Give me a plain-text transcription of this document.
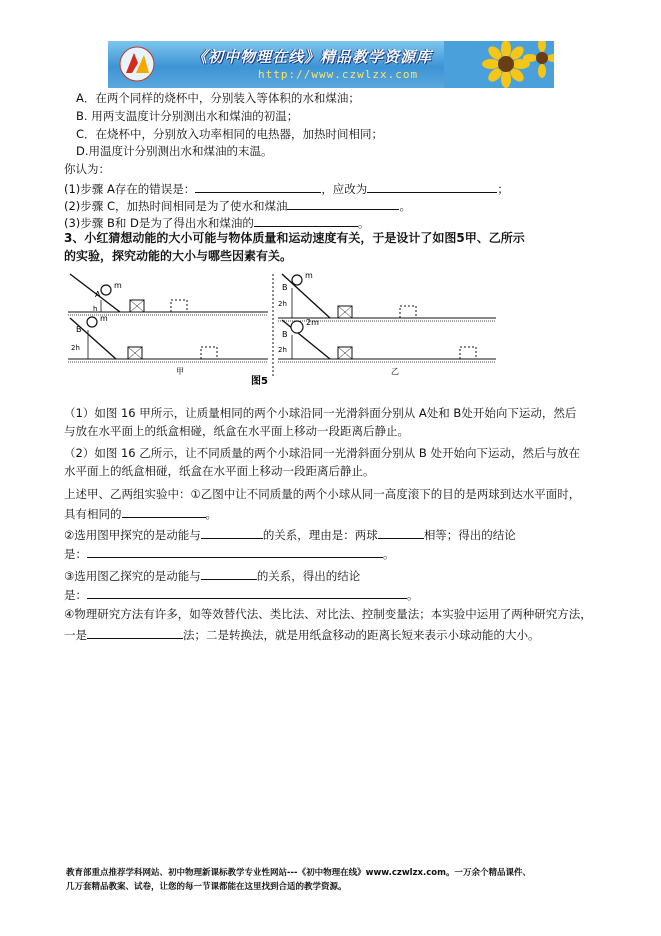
《初中物理在线》精品教学资源库
http://www.czwlzx.com
A．在两个同样的烧杯中，分别装入等体积的水和煤油；
B. 用两支温度计分别测出水和煤油的初温；
C．在烧杯中，分别放入功率相同的电热器，加热时间相同；
D.用温度计分别测出水和煤油的末温。
你认为：
(1)步骤 A存在的错误是：	，应改为	；
(2)步骤 C，加热时间相同是为了使水和煤油	。
(3)步骤 B和 D是为了得出水和煤油的	。
3、小红猜想动能的大小可能与物体质量和运动速度有关，于是设计了如图5甲、乙所示
的实验，探究动能的大小与哪些因素有关。
m
A
h
m
B
2h
甲
m
B
2h
2m
B
2h
乙
图5
（1）如图 16 甲所示，让质量相同的两个小球沿同一光滑斜面分别从 A处和 B处开始向下运动，然后
与放在水平面上的纸盒相碰，纸盒在水平面上移动一段距离后静止。
（2）如图 16 乙所示，让不同质量的两个小球沿同一光滑斜面分别从 B 处开始向下运动，然后与放在
水平面上的纸盒相碰，纸盒在水平面上移动一段距离后静止。
上述甲、乙两组实验中：①乙图中让不同质量的两个小球从同一高度滚下的目的是两球到达水平面时，
具有相同的	。
②选用图甲探究的是动能与	的关系，理由是：两球	相等；得出的结论
是：	。
③选用图乙探究的是动能与	的关系，得出的结论
是：	。
④物理研究方法有许多，如等效替代法、类比法、对比法、控制变量法；本实验中运用了两种研究方法，
一是	法；二是转换法，就是用纸盒移动的距离长短来表示小球动能的大小。
教育部重点推荐学科网站、初中物理新课标教学专业性网站---《初中物理在线》www.czwlzx.com。一万余个精品课件、
几万套精品教案、试卷，让您的每一节课都能在这里找到合适的教学资源。
